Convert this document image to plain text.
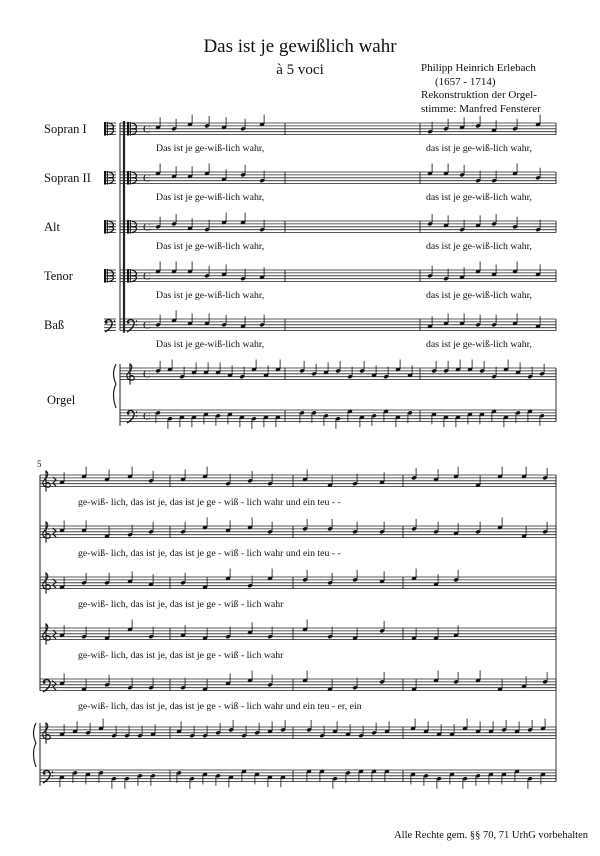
Das ist je gewißlich wahr
à 5 voci	Philipp Heinrich Erlebach
(1657 - 1714)
Rekonstruktion der Orgel-
stimme: Manfred Fensterer
Sopran I	C
Das ist je ge-wiß-lich wahr,	das ist je ge-wiß-lich wahr,
Sopran II	C
Das ist je ge-wiß-lich wahr,	das ist je ge-wiß-lich wahr,
Alt	C
Das ist je ge-wiß-lich wahr,	das ist je ge-wiß-lich wahr,
Tenor	C
Das ist je ge-wiß-lich wahr,	das ist je ge-wiß-lich wahr,
Baß	C
Das ist je ge-wiß-lich wahr,	das ist je ge-wiß-lich wahr,
Orgel
C
C
5
ge-wiß- lich, das ist je, das ist je ge - wiß - lich wahr und ein teu - -
ge-wiß- lich, das ist je, das ist je ge - wiß - lich wahr und ein teu - -
ge-wiß- lich, das ist je, das ist je ge - wiß - lich wahr
ge-wiß- lich, das ist je, das ist je ge - wiß - lich wahr
ge-wiß- lich, das ist je, das ist je ge - wiß - lich wahr und ein teu - er, ein
Alle Rechte gem. §§ 70, 71 UrhG vorbehalten
